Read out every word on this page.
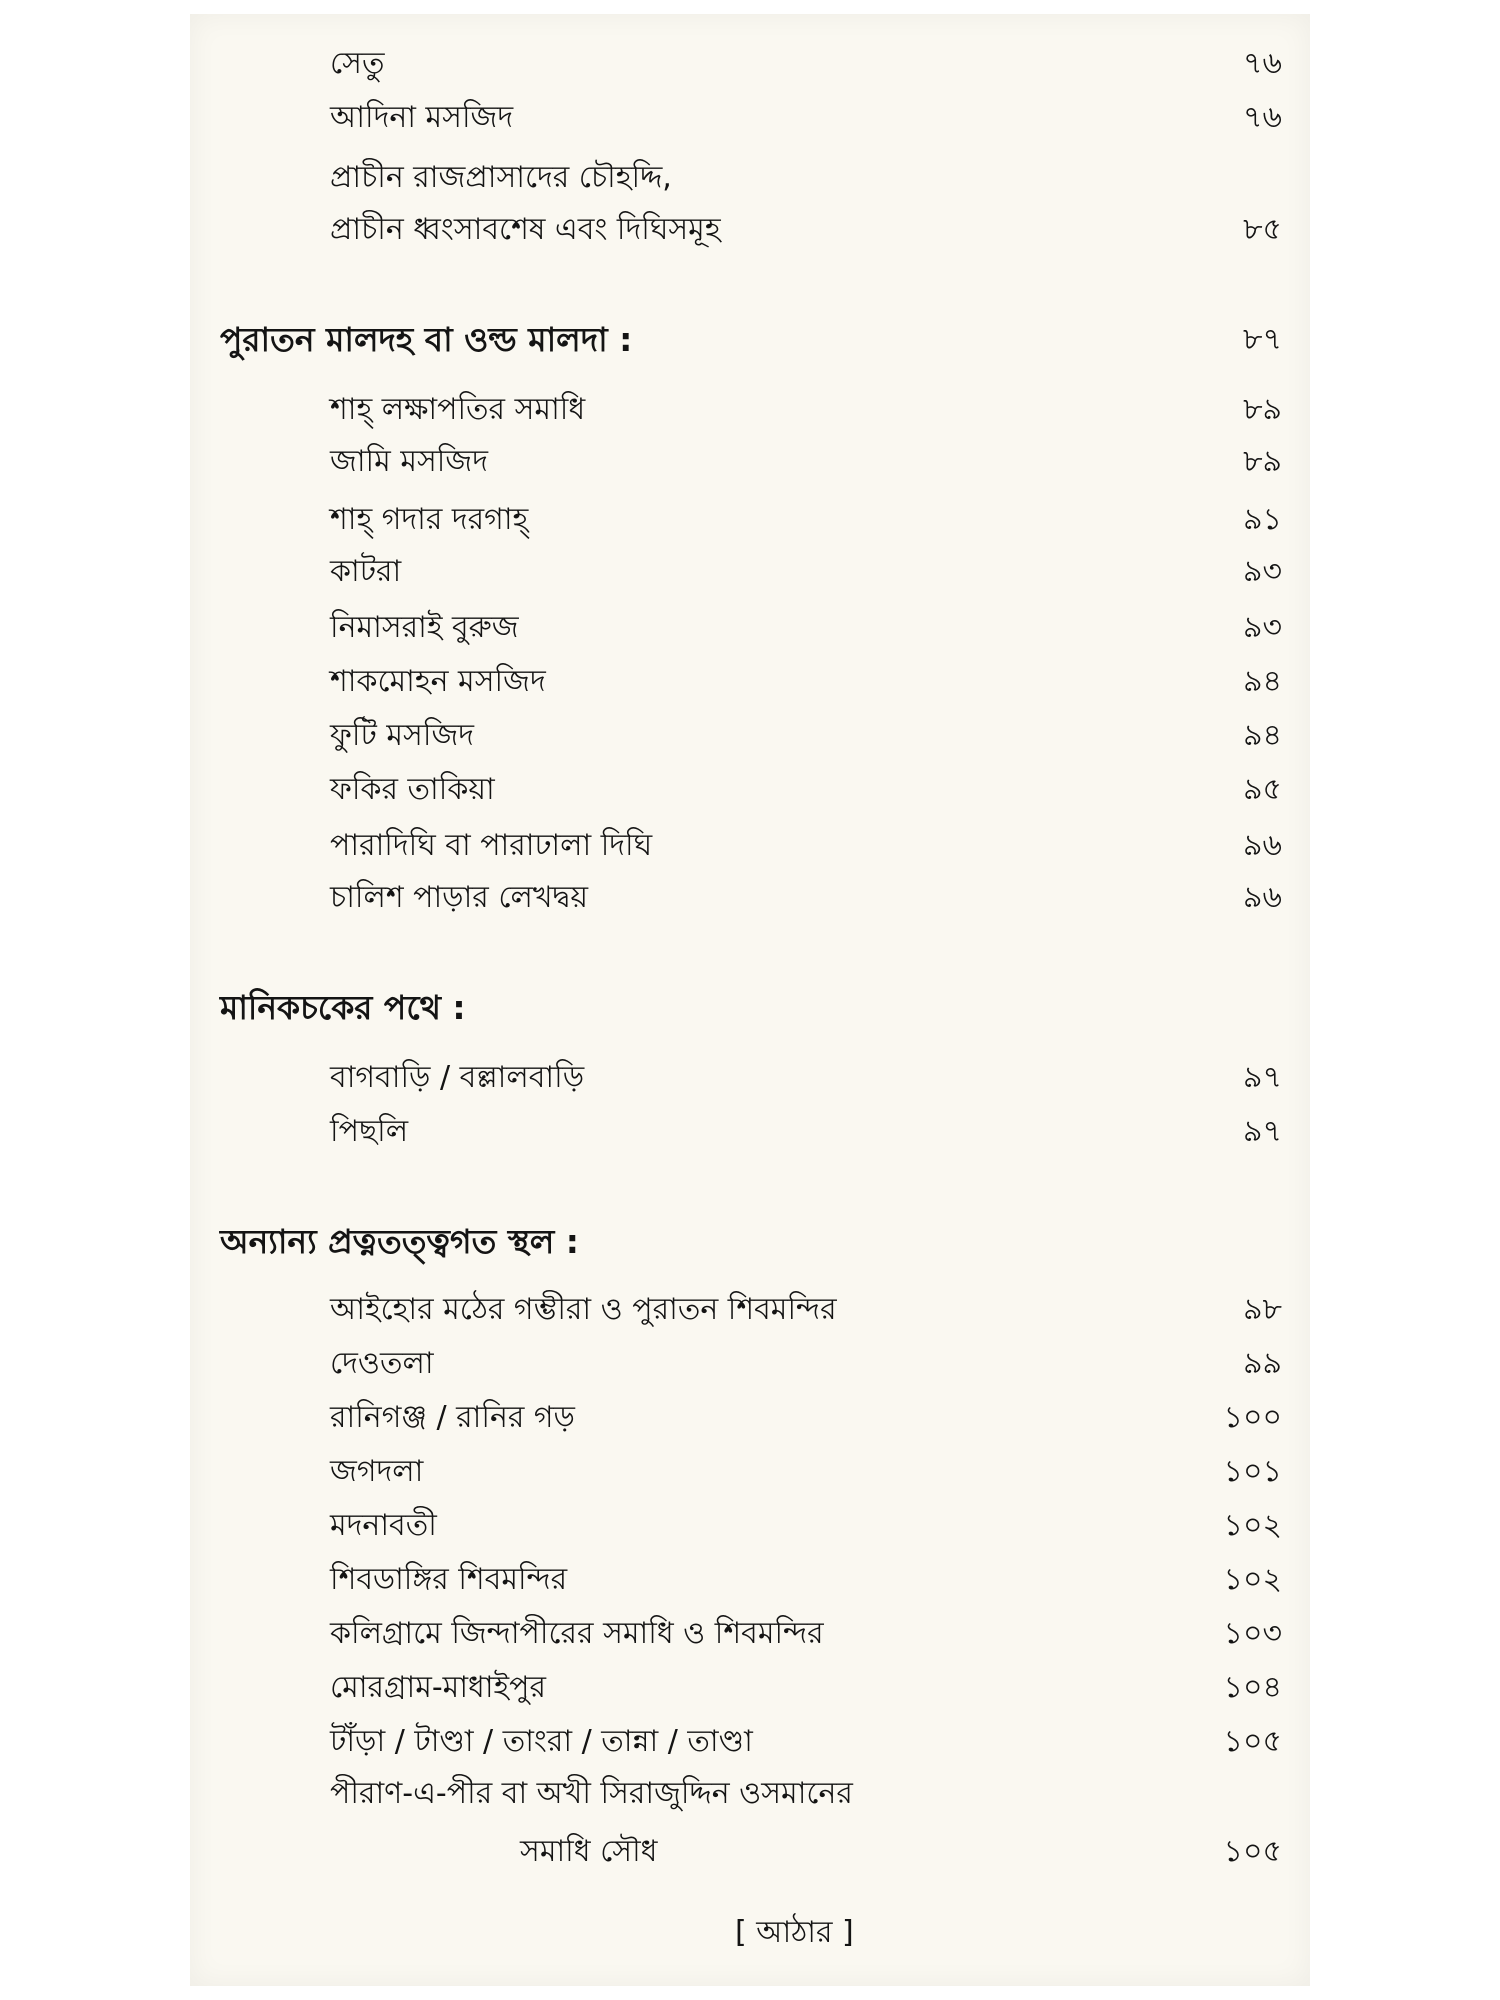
সেতু	৭৬
আদিনা মসজিদ	৭৬
প্রাচীন রাজপ্রাসাদের চৌহদ্দি,
প্রাচীন ধ্বংসাবশেষ এবং দিঘিসমূহ	৮৫
পুরাতন মালদহ বা ওল্ড মালদা :	৮৭
শাহ্ লক্ষাপতির সমাধি	৮৯
জামি মসজিদ	৮৯
শাহ্ গদার দরগাহ্	৯১
কাটরা	৯৩
নিমাসরাই বুরুজ	৯৩
শাকমোহন মসজিদ	৯৪
ফুটি মসজিদ	৯৪
ফকির তাকিয়া	৯৫
পারাদিঘি বা পারাঢালা দিঘি	৯৬
চালিশ পাড়ার লেখদ্বয়	৯৬
মানিকচকের পথে :
বাগবাড়ি / বল্লালবাড়ি	৯৭
পিছলি	৯৭
অন্যান্য প্রত্নতত্ত্বগত স্থল :
আইহোর মঠের গম্ভীরা ও পুরাতন শিবমন্দির	৯৮
দেওতলা	৯৯
রানিগঞ্জ / রানির গড়	১০০
জগদলা	১০১
মদনাবতী	১০২
শিবডাঙ্গির শিবমন্দির	১০২
কলিগ্রামে জিন্দাপীরের সমাধি ও শিবমন্দির	১০৩
মোরগ্রাম-মাধাইপুর	১০৪
টাঁড়া / টাণ্ডা / তাংরা / তান্না / তাণ্ডা	১০৫
পীরাণ-এ-পীর বা অখী সিরাজুদ্দিন ওসমানের
সমাধি সৌধ	১০৫
[ আঠার ]
